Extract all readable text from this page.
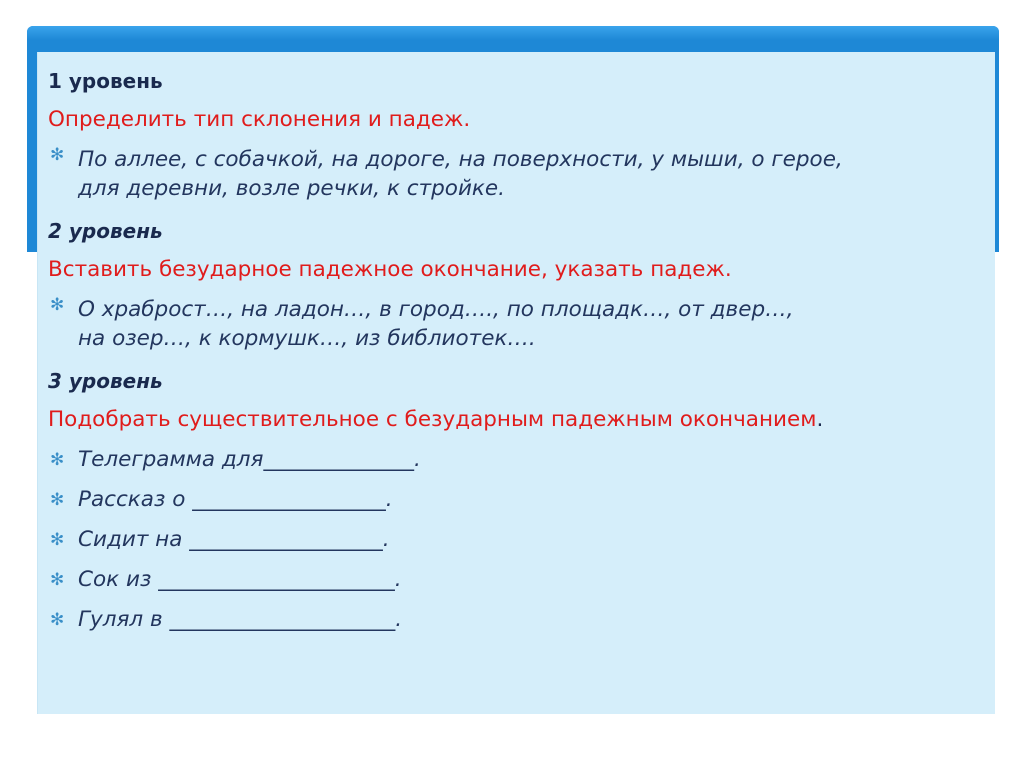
1 уровень

Определить тип склонения и падеж.

✻ По аллее, с собачкой, на дороге, на поверхности, у мыши, о герое,
для деревни, возле речки, к стройке.

2 уровень

Вставить безударное падежное окончание, указать падеж.

✻ О храброст…, на ладон…, в город…., по площадк…, от двер…,
на озер…, к кормушк…, из библиотек….

3 уровень

Подобрать существительное с безударным падежным окончанием.

✻ Телеграмма для______________.
✻ Рассказ о __________________.
✻ Сидит на __________________.
✻ Сок из ______________________.
✻ Гулял в _____________________.
